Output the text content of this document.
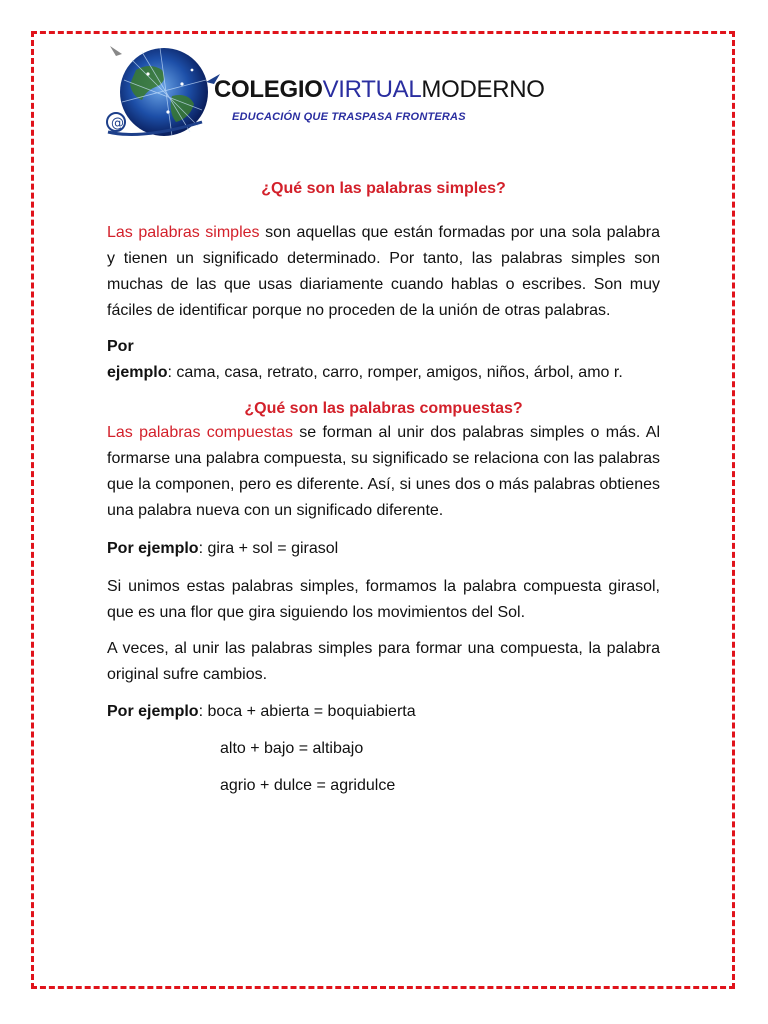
@
COLEGIOVIRTUALMODERNO
EDUCACIÓN QUE TRASPASA FRONTERAS
¿Qué son las palabras simples?

Las palabras simples son aquellas que están formadas por una sola palabra y tienen un significado determinado. Por tanto, las palabras simples son muchas de las que usas diariamente cuando hablas o escribes. Son muy fáciles de identificar porque no proceden de la unión de otras palabras.

Por
ejemplo: cama, casa, retrato, carro, romper, amigos, niños, árbol, amo r.

¿Qué son las palabras compuestas?

Las palabras compuestas se forman al unir dos palabras simples o más. Al formarse una palabra compuesta, su significado se relaciona con las palabras que la componen, pero es diferente. Así, si unes dos o más palabras obtienes una palabra nueva con un significado diferente.

Por ejemplo: gira + sol = girasol

Si unimos estas palabras simples, formamos la palabra compuesta girasol, que es una flor que gira siguiendo los movimientos del Sol.

A veces, al unir las palabras simples para formar una compuesta, la palabra original sufre cambios.

Por ejemplo: boca + abierta = boquiabierta

alto + bajo = altibajo

agrio + dulce = agridulce
